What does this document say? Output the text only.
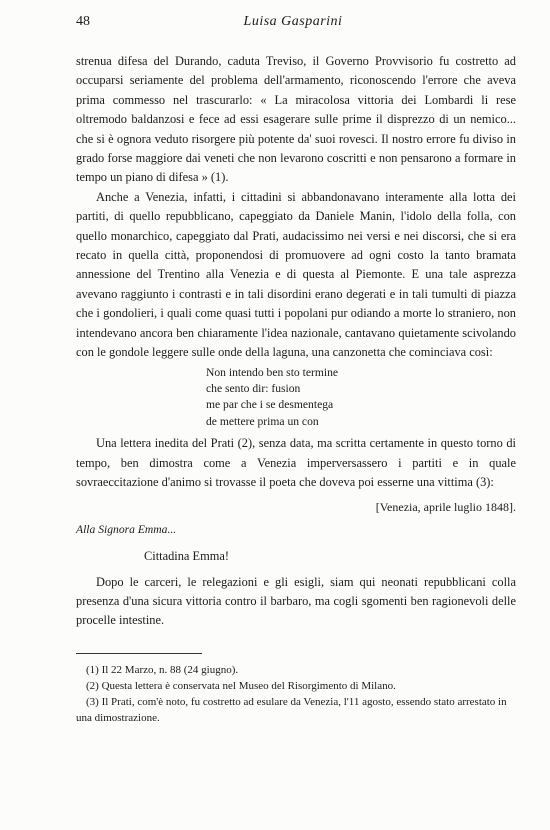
48	Luisa Gasparini

strenua difesa del Durando, caduta Treviso, il Governo Provvisorio fu costretto ad occuparsi seriamente del problema dell'armamento, riconoscendo l'errore che aveva prima commesso nel trascurarlo: « La miracolosa vittoria dei Lombardi li rese oltremodo baldanzosi e fece ad essi esagerare sulle prime il disprezzo di un nemico... che si è ognora veduto risorgere più potente da' suoi rovesci. Il nostro errore fu diviso in grado forse maggiore dai veneti che non levarono coscritti e non pensarono a formare in tempo un piano di difesa » (1).

Anche a Venezia, infatti, i cittadini si abbandonavano interamente alla lotta dei partiti, di quello repubblicano, capeggiato da Daniele Manin, l'idolo della folla, con quello monarchico, capeggiato dal Prati, audacissimo nei versi e nei discorsi, che si era recato in quella città, proponendosi di promuovere ad ogni costo la tanto bramata annessione del Trentino alla Venezia e di questa al Piemonte. E una tale asprezza avevano raggiunto i contrasti e in tali disordini erano degerati e in tali tumulti di piazza che i gondolieri, i quali come quasi tutti i popolani pur odiando a morte lo straniero, non intendevano ancora ben chiaramente l'idea nazionale, cantavano quietamente scivolando con le gondole leggere sulle onde della laguna, una canzonetta che cominciava così:

Non intendo ben sto termine
che sento dir: fusion
me par che i se desmentega
de mettere prima un con

Una lettera inedita del Prati (2), senza data, ma scritta certamente in questo torno di tempo, ben dimostra come a Venezia imperversassero i partiti e in quale sovraeccitazione d'animo si trovasse il poeta che doveva poi esserne una vittima (3):

[Venezia, aprile luglio 1848].
Alla Signora Emma...
Cittadina Emma!

Dopo le carceri, le relegazioni e gli esigli, siam qui neonati repubblicani colla presenza d'una sicura vittoria contro il barbaro, ma cogli sgomenti ben ragionevoli delle procelle intestine.

(1) Il 22 Marzo, n. 88 (24 giugno).
(2) Questa lettera è conservata nel Museo del Risorgimento di Milano.
(3) Il Prati, com'è noto, fu costretto ad esulare da Venezia, l'11 agosto, essendo stato arrestato in una dimostrazione.
